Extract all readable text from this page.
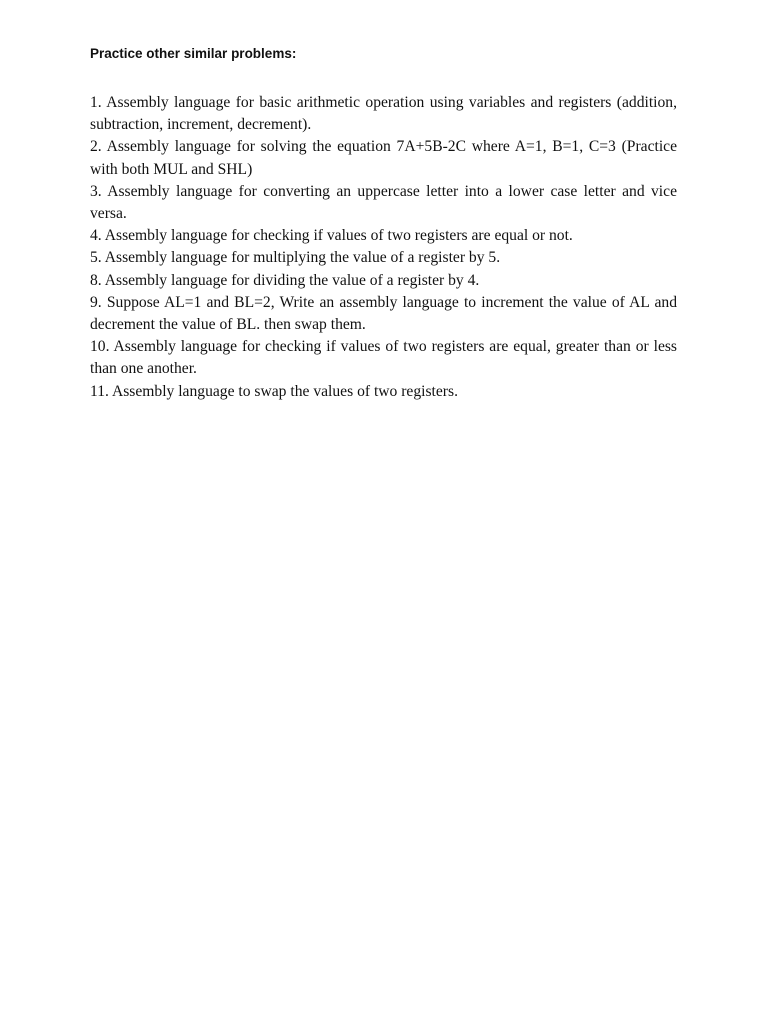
Practice other similar problems:

1. Assembly language for basic arithmetic operation using variables and registers (addition, subtraction, increment, decrement).
2. Assembly language for solving the equation 7A+5B-2C where A=1, B=1, C=3 (Practice with both MUL and SHL)
3. Assembly language for converting an uppercase letter into a lower case letter and vice versa.
4. Assembly language for checking if values of two registers are equal or not.
5. Assembly language for multiplying the value of a register by 5.
8. Assembly language for dividing the value of a register by 4.
9. Suppose AL=1 and BL=2, Write an assembly language to increment the value of AL and decrement the value of BL. then swap them.
10. Assembly language for checking if values of two registers are equal, greater than or less than one another.
11. Assembly language to swap the values of two registers.
